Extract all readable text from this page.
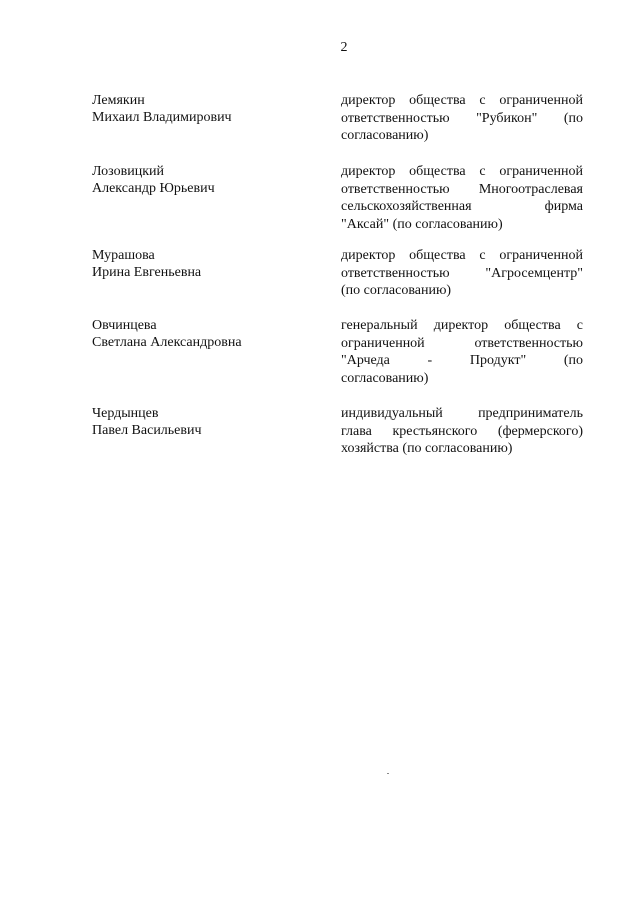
2
Лемякин
Михаил Владимирович
директор общества с ограниченной
ответственностью "Рубикон" (по
согласованию)
Лозовицкий
Александр Юрьевич
директор общества с ограниченной
ответственностью Многоотраслевая
сельскохозяйственная фирма
"Аксай" (по согласованию)
Мурашова
Ирина Евгеньевна
директор общества с ограниченной
ответственностью "Агросемцентр"
(по согласованию)
Овчинцева
Светлана Александровна
генеральный директор общества с
ограниченной ответственностью
"Арчеда - Продукт" (по
согласованию)
Чердынцев
Павел Васильевич
индивидуальный предприниматель
глава крестьянского (фермерского)
хозяйства (по согласованию)
